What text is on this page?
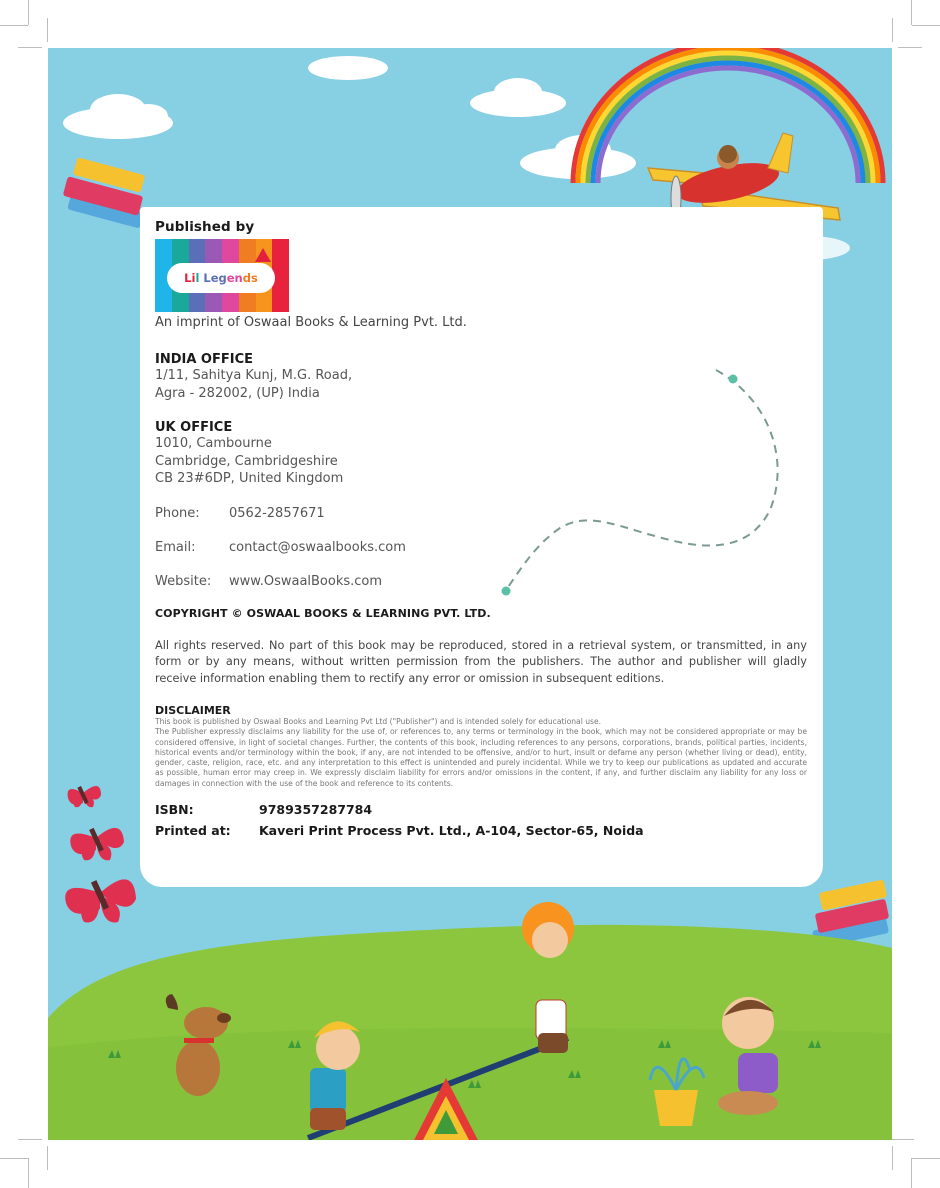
Published by
Li l Leg en ds
An imprint of Oswaal Books & Learning Pvt. Ltd.
INDIA OFFICE
1/11, Sahitya Kunj, M.G. Road,
Agra - 282002, (UP) India
UK OFFICE
1010, Cambourne
Cambridge, Cambridgeshire
CB 23#6DP, United Kingdom
Phone:	0562-2857671
Email:	contact@oswaalbooks.com
Website:	www.OswaalBooks.com
COPYRIGHT © OSWAAL BOOKS & LEARNING PVT. LTD.
All rights reserved. No part of this book may be reproduced, stored in a retrieval system, or transmitted, in any form or by any means, without written permission from the publishers. The author and publisher will gladly receive information enabling them to rectify any error or omission in subsequent editions.
DISCLAIMER
This book is published by Oswaal Books and Learning Pvt Ltd ("Publisher") and is intended solely for educational use.
The Publisher expressly disclaims any liability for the use of, or references to, any terms or terminology in the book, which may not be considered appropriate or may be considered offensive, in light of societal changes. Further, the contents of this book, including references to any persons, corporations, brands, political parties, incidents, historical events and/or terminology within the book, if any, are not intended to be offensive, and/or to hurt, insult or defame any person (whether living or dead), entity, gender, caste, religion, race, etc. and any interpretation to this effect is unintended and purely incidental. While we try to keep our publications as updated and accurate as possible, human error may creep in. We expressly disclaim liability for errors and/or omissions in the content, if any, and further disclaim any liability for any loss or damages in connection with the use of the book and reference to its contents.
ISBN:	9789357287784
Printed at:	Kaveri Print Process Pvt. Ltd., A-104, Sector-65, Noida
